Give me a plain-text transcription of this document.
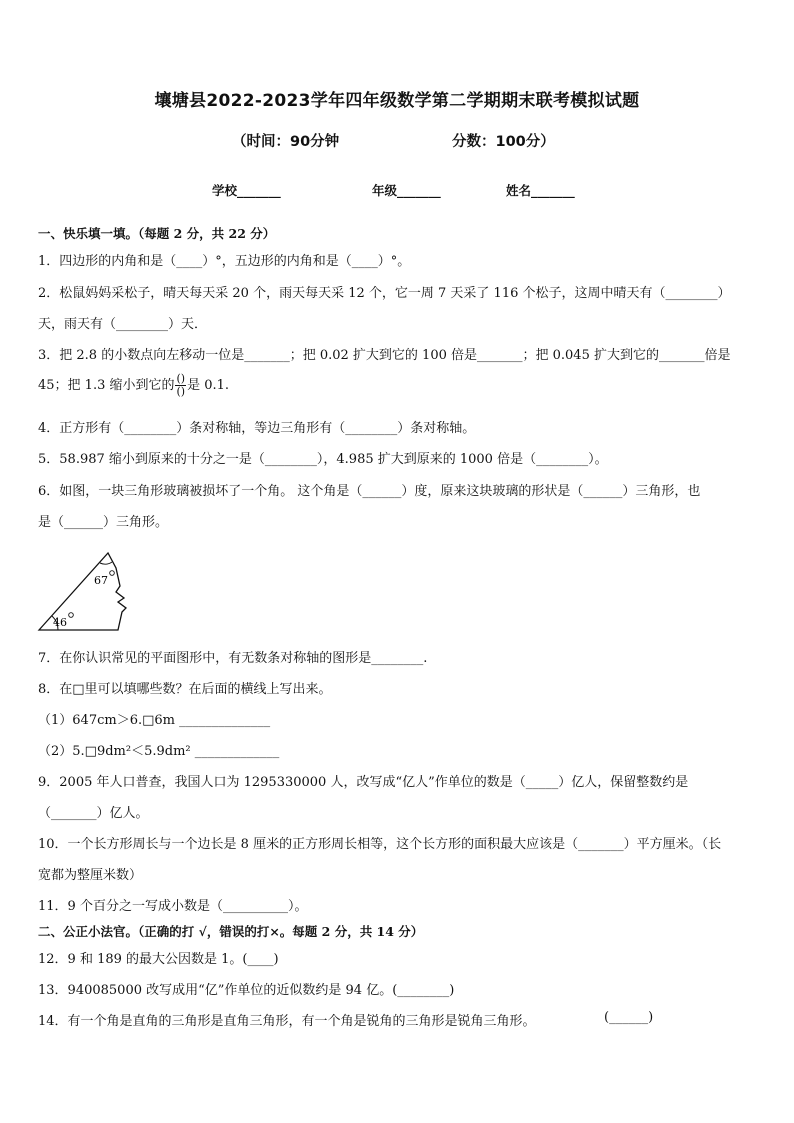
壤塘县2022-2023学年四年级数学第二学期期末联考模拟试题
（时间：90分钟	分数：100分）
学校_______	年级_______	姓名_______
一、快乐填一填。（每题 2 分，共 22 分）
1．四边形的内角和是（____）°，五边形的内角和是（____）°。
2．松鼠妈妈采松子，晴天每天采 20 个，雨天每天采 12 个，它一周 7 天采了 116 个松子，这周中晴天有（________）
天，雨天有（________）天．
3．把 2.8 的小数点向左移动一位是_______；把 0.02 扩大到它的 100 倍是_______；把 0.045 扩大到它的_______倍是
45；把 1.3 缩小到它的 $\frac{()}{()}$ 是 0.1.
4．正方形有（________）条对称轴，等边三角形有（________）条对称轴。
5．58.987 缩小到原来的十分之一是（________），4.985 扩大到原来的 1000 倍是（________）。
6．如图，一块三角形玻璃被损坏了一个角。 这个角是（______）度，原来这块玻璃的形状是（______）三角形，也
是（______）三角形。
67
46
7．在你认识常见的平面图形中，有无数条对称轴的图形是________.
8．在□里可以填哪些数？在后面的横线上写出来。
（1）647cm＞6.□6m ______________
（2）5.□9dm²＜5.9dm² _____________
9．2005 年人口普查，我国人口为 1295330000 人，改写成“亿人”作单位的数是（_____）亿人，保留整数约是
（_______）亿人。
10．一个长方形周长与一个边长是 8 厘米的正方形周长相等，这个长方形的面积最大应该是（_______）平方厘米。（长
宽都为整厘米数）
11．9 个百分之一写成小数是（__________）。
二、公正小法官。（正确的打 √，错误的打×。每题 2 分，共 14 分）
12．9 和 189 的最大公因数是 1。(____)
13．940085000 改写成用“亿”作单位的近似数约是 94 亿。(________)
14．有一个角是直角的三角形是直角三角形，有一个角是锐角的三角形是锐角三角形。	(______)
